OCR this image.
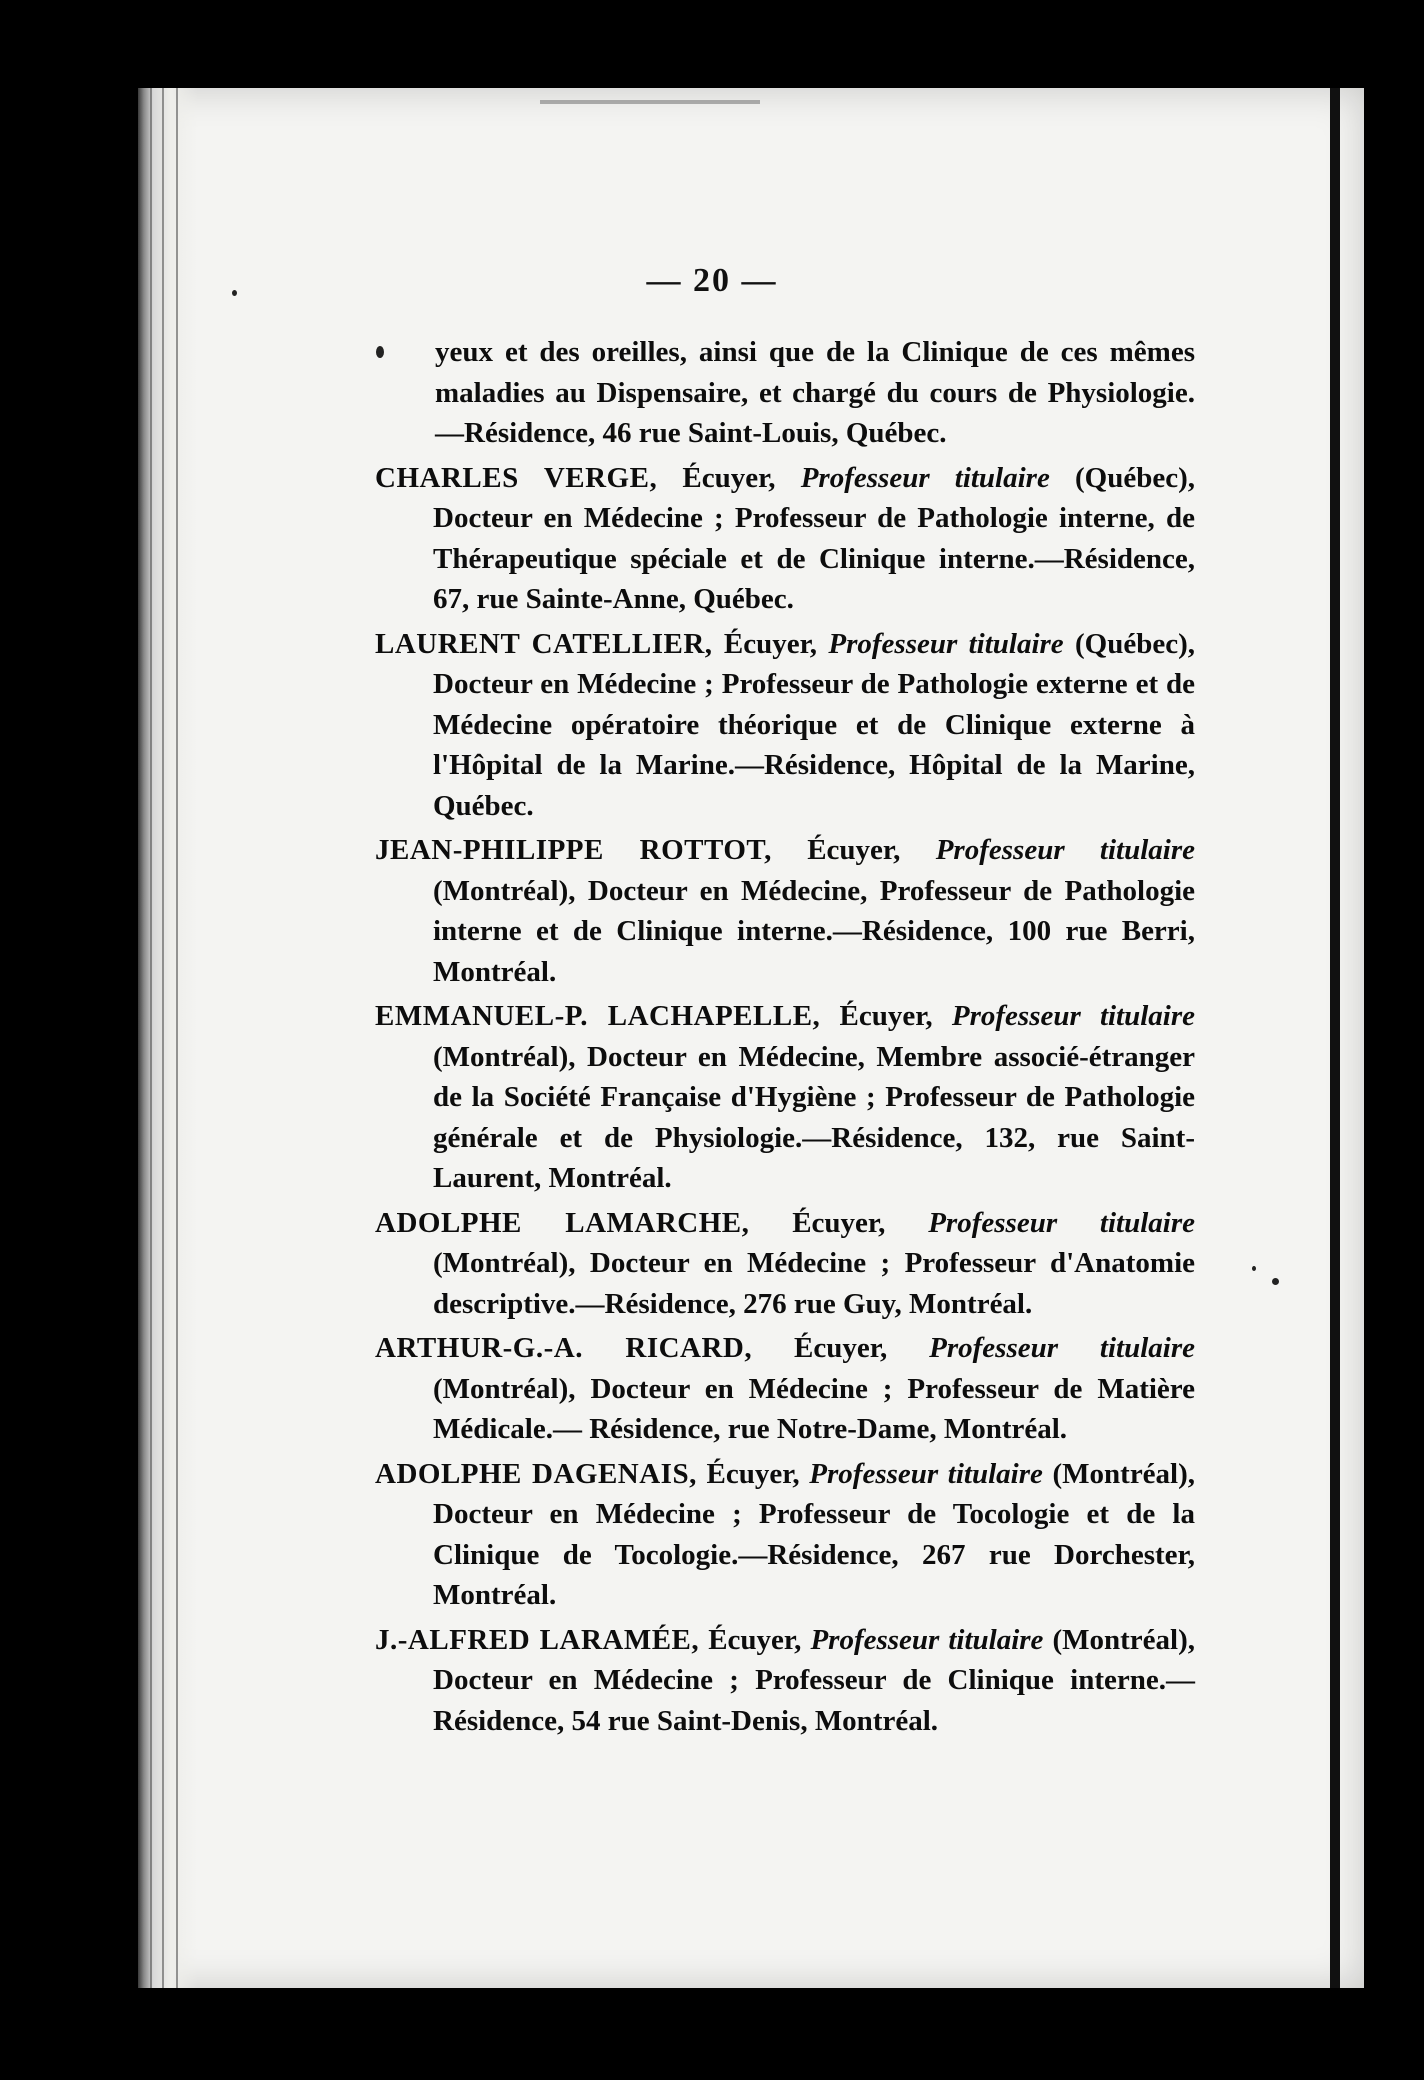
— 20 —

yeux et des oreilles, ainsi que de la Clinique de ces mêmes maladies au Dispensaire, et chargé du cours de Physiologie.—Résidence, 46 rue Saint-Louis, Québec.

CHARLES VERGE, Écuyer, Professeur titulaire (Québec), Docteur en Médecine ; Professeur de Pathologie interne, de Thérapeutique spéciale et de Clinique interne.—Résidence, 67, rue Sainte-Anne, Québec.

LAURENT CATELLIER, Écuyer, Professeur titulaire (Québec), Docteur en Médecine ; Professeur de Pathologie externe et de Médecine opératoire théorique et de Clinique externe à l'Hôpital de la Marine.—Résidence, Hôpital de la Marine, Québec.

JEAN-PHILIPPE ROTTOT, Écuyer, Professeur titulaire (Montréal), Docteur en Médecine, Professeur de Pathologie interne et de Clinique interne.—Résidence, 100 rue Berri, Montréal.

EMMANUEL-P. LACHAPELLE, Écuyer, Professeur titulaire (Montréal), Docteur en Médecine, Membre associé-étranger de la Société Française d'Hygiène ; Professeur de Pathologie générale et de Physiologie.—Résidence, 132, rue Saint-Laurent, Montréal.

ADOLPHE LAMARCHE, Écuyer, Professeur titulaire (Montréal), Docteur en Médecine ; Professeur d'Anatomie descriptive.—Résidence, 276 rue Guy, Montréal.

ARTHUR-G.-A. RICARD, Écuyer, Professeur titulaire (Montréal), Docteur en Médecine ; Professeur de Matière Médicale.— Résidence, rue Notre-Dame, Montréal.

ADOLPHE DAGENAIS, Écuyer, Professeur titulaire (Montréal), Docteur en Médecine ; Professeur de Tocologie et de la Clinique de Tocologie.—Résidence, 267 rue Dorchester, Montréal.

J.-ALFRED LARAMÉE, Écuyer, Professeur titulaire (Montréal), Docteur en Médecine ; Professeur de Clinique interne.—Résidence, 54 rue Saint-Denis, Montréal.
